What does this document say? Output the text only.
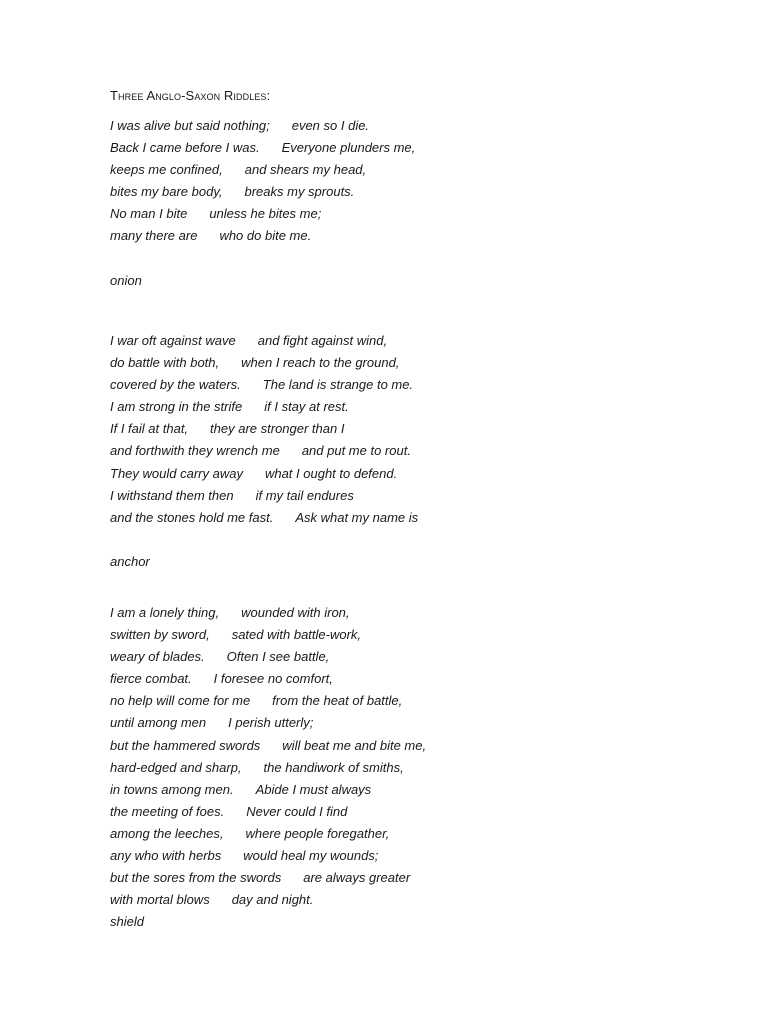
Three Anglo-Saxon Riddles:
I was alive but said nothing; even so I die.
Back I came before I was. Everyone plunders me,
keeps me confined, and shears my head,
bites my bare body, breaks my sprouts.
No man I bite unless he bites me;
many there are who do bite me.
onion
I war oft against wave and fight against wind,
do battle with both, when I reach to the ground,
covered by the waters. The land is strange to me.
I am strong in the strife if I stay at rest.
If I fail at that, they are stronger than I
and forthwith they wrench me and put me to rout.
They would carry away what I ought to defend.
I withstand them then if my tail endures
and the stones hold me fast. Ask what my name is
anchor
I am a lonely thing, wounded with iron,
switten by sword, sated with battle-work,
weary of blades. Often I see battle,
fierce combat. I foresee no comfort,
no help will come for me from the heat of battle,
until among men I perish utterly;
but the hammered swords will beat me and bite me,
hard-edged and sharp, the handiwork of smiths,
in towns among men. Abide I must always
the meeting of foes. Never could I find
among the leeches, where people foregather,
any who with herbs would heal my wounds;
but the sores from the swords are always greater
with mortal blows day and night.
shield
